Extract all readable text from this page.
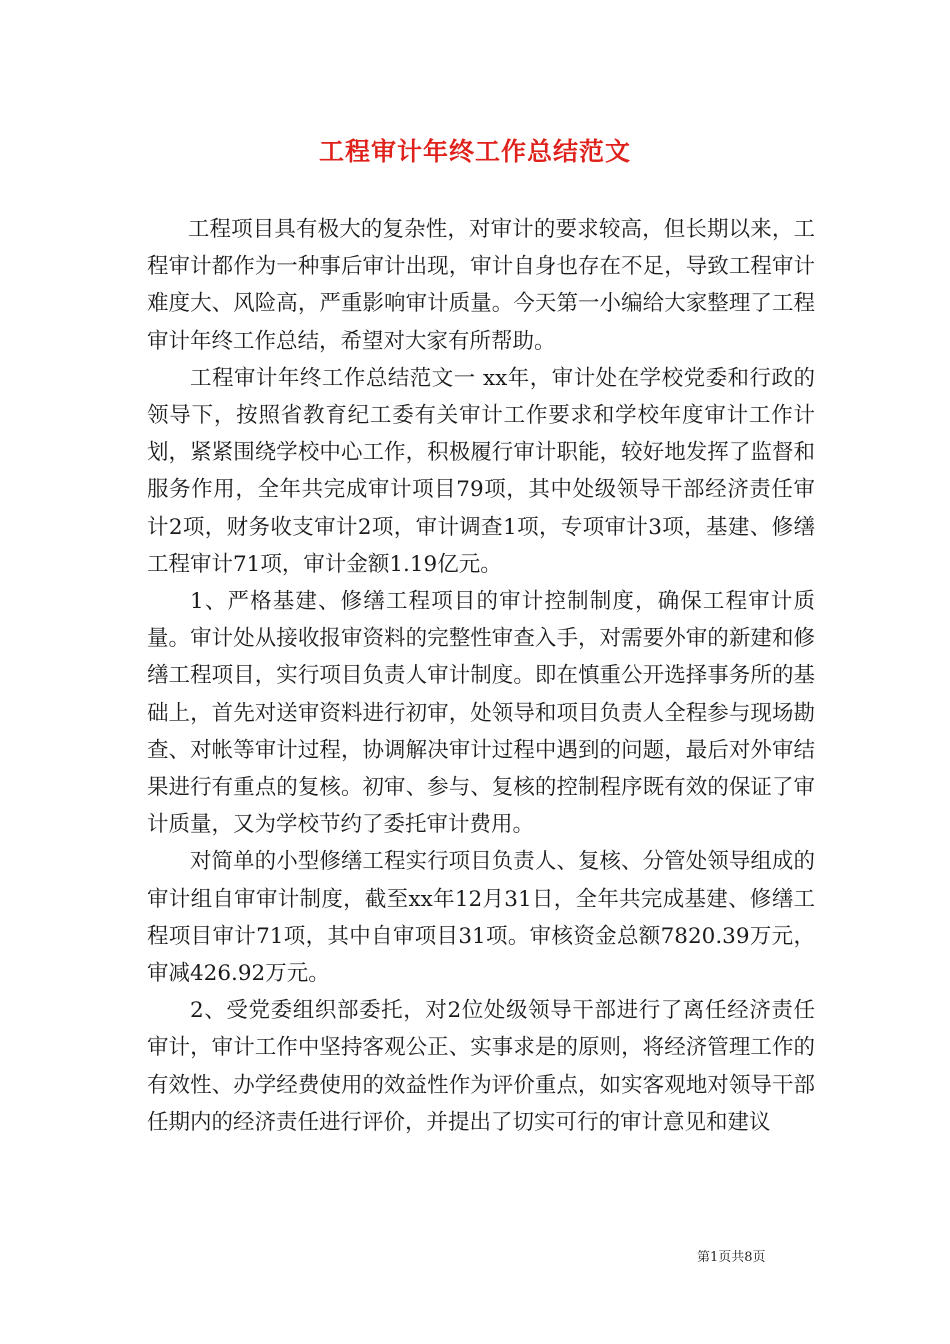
工程审计年终工作总结范文

工程项目具有极大的复杂性，对审计的要求较高，但长期以来，工程审计都作为一种事后审计出现，审计自身也存在不足，导致工程审计难度大、风险高，严重影响审计质量。今天第一小编给大家整理了工程审计年终工作总结，希望对大家有所帮助。

工程审计年终工作总结范文一 xx年，审计处在学校党委和行政的领导下，按照省教育纪工委有关审计工作要求和学校年度审计工作计划，紧紧围绕学校中心工作，积极履行审计职能，较好地发挥了监督和服务作用，全年共完成审计项目79项，其中处级领导干部经济责任审计2项，财务收支审计2项，审计调查1项，专项审计3项，基建、修缮工程审计71项，审计金额1.19亿元。

1、严格基建、修缮工程项目的审计控制制度，确保工程审计质量。审计处从接收报审资料的完整性审查入手，对需要外审的新建和修缮工程项目，实行项目负责人审计制度。即在慎重公开选择事务所的基础上，首先对送审资料进行初审，处领导和项目负责人全程参与现场勘查、对帐等审计过程，协调解决审计过程中遇到的问题，最后对外审结果进行有重点的复核。初审、参与、复核的控制程序既有效的保证了审计质量，又为学校节约了委托审计费用。

对简单的小型修缮工程实行项目负责人、复核、分管处领导组成的审计组自审审计制度，截至xx年12月31日，全年共完成基建、修缮工程项目审计71项，其中自审项目31项。审核资金总额7820.39万元，审减426.92万元。

2、受党委组织部委托，对2位处级领导干部进行了离任经济责任审计，审计工作中坚持客观公正、实事求是的原则，将经济管理工作的有效性、办学经费使用的效益性作为评价重点，如实客观地对领导干部任期内的经济责任进行评价，并提出了切实可行的审计意见和建议

第1页共8页
